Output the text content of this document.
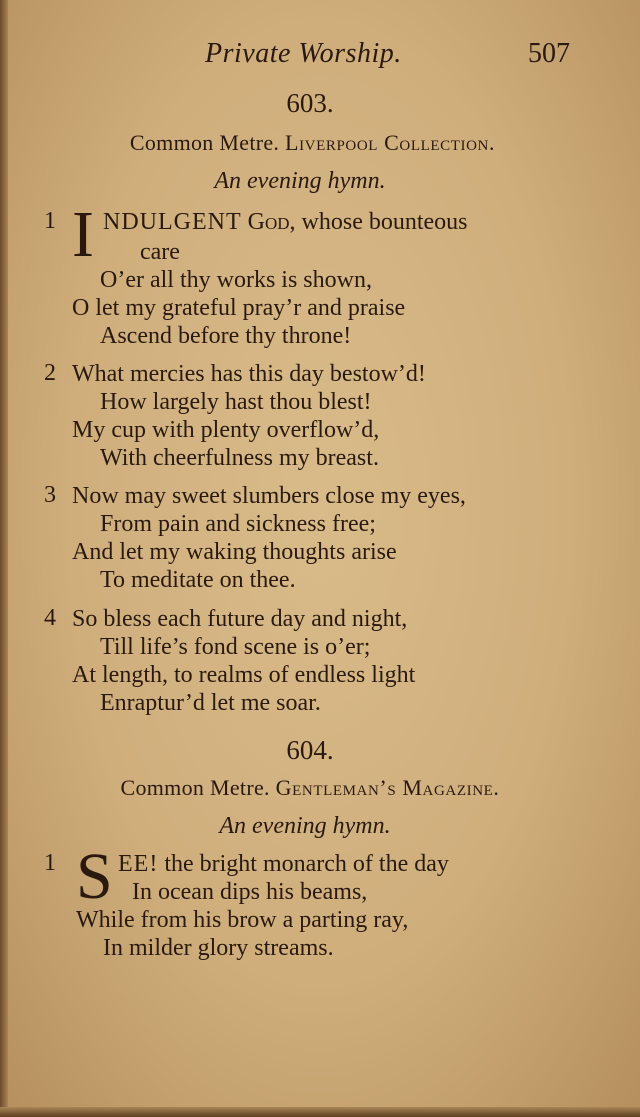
Private Worship.	507
603.
Common Metre. Liverpool Collection.
An evening hymn.
1 I NDULGENT God, whose bounteous
care
O’er all thy works is shown,
O let my grateful pray’r and praise
Ascend before thy throne!
2 What mercies has this day bestow’d!
How largely hast thou blest!
My cup with plenty overflow’d,
With cheerfulness my breast.
3 Now may sweet slumbers close my eyes,
From pain and sickness free;
And let my waking thoughts arise
To meditate on thee.
4 So bless each future day and night,
Till life’s fond scene is o’er;
At length, to realms of endless light
Enraptur’d let me soar.
604.
Common Metre. Gentleman’s Magazine.
An evening hymn.
1 S EE! the bright monarch of the day
In ocean dips his beams,
While from his brow a parting ray,
In milder glory streams.
